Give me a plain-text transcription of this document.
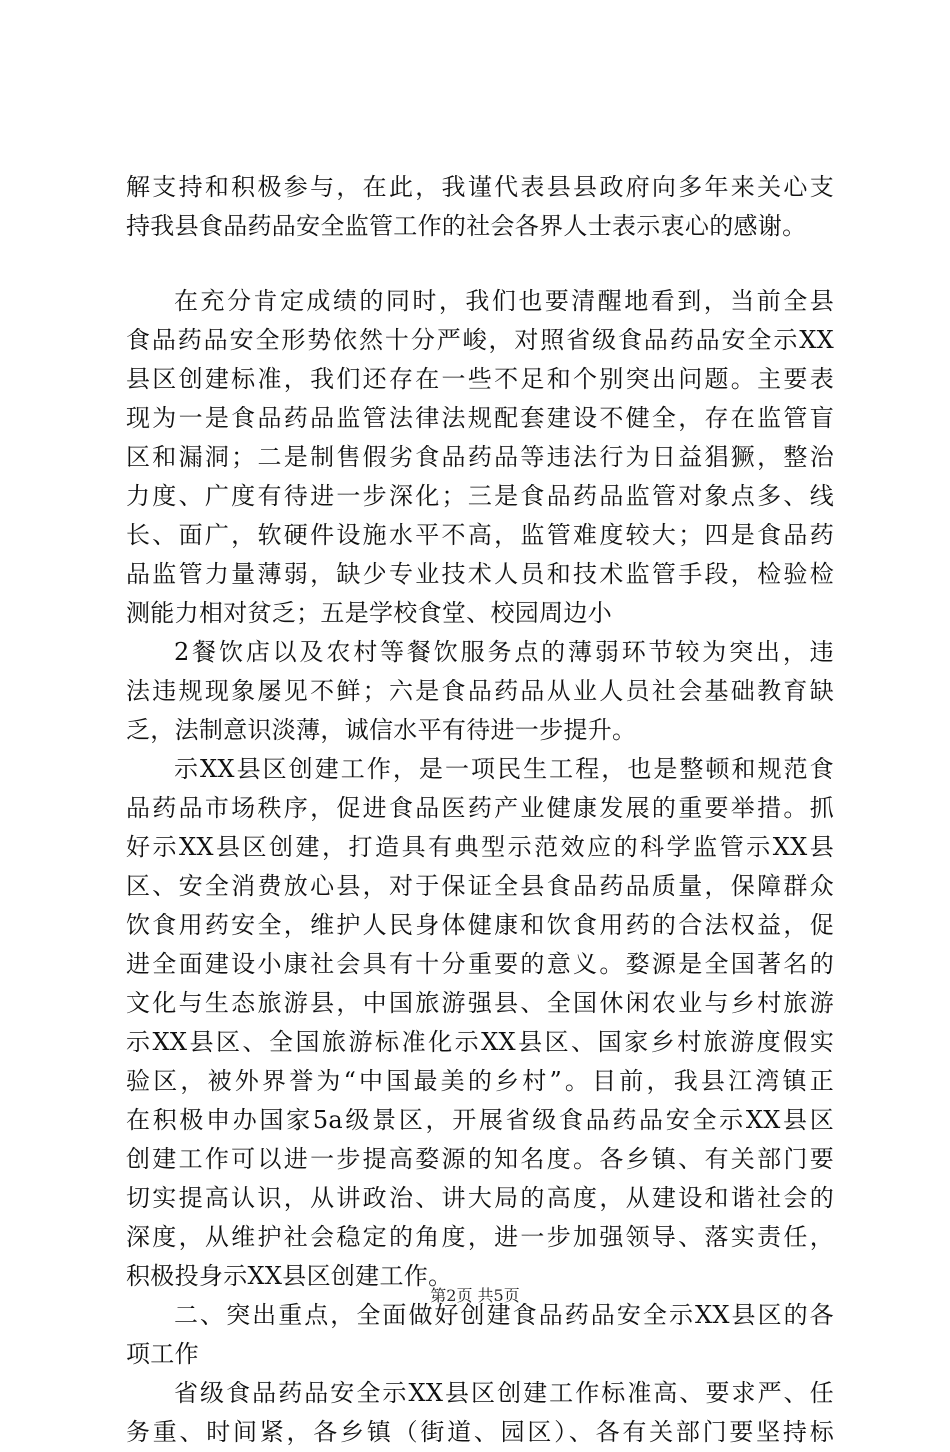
解支持和积极参与，在此，我谨代表县县政府向多年来关心支
持我县食品药品安全监管工作的社会各界人士表示衷心的感谢。
在充分肯定成绩的同时，我们也要清醒地看到，当前全县
食品药品安全形势依然十分严峻，对照省级食品药品安全示XX
县区创建标准，我们还存在一些不足和个别突出问题。主要表
现为一是食品药品监管法律法规配套建设不健全，存在监管盲
区和漏洞；二是制售假劣食品药品等违法行为日益猖獗，整治
力度、广度有待进一步深化；三是食品药品监管对象点多、线
长、面广，软硬件设施水平不高，监管难度较大；四是食品药
品监管力量薄弱，缺少专业技术人员和技术监管手段，检验检
测能力相对贫乏；五是学校食堂、校园周边小
2餐饮店以及农村等餐饮服务点的薄弱环节较为突出，违
法违规现象屡见不鲜；六是食品药品从业人员社会基础教育缺
乏，法制意识淡薄，诚信水平有待进一步提升。
示XX县区创建工作，是一项民生工程，也是整顿和规范食
品药品市场秩序，促进食品医药产业健康发展的重要举措。抓
好示XX县区创建，打造具有典型示范效应的科学监管示XX县
区、安全消费放心县，对于保证全县食品药品质量，保障群众
饮食用药安全，维护人民身体健康和饮食用药的合法权益，促
进全面建设小康社会具有十分重要的意义。婺源是全国著名的
文化与生态旅游县，中国旅游强县、全国休闲农业与乡村旅游
示XX县区、全国旅游标准化示XX县区、国家乡村旅游度假实
验区，被外界誉为“中国最美的乡村”。目前，我县江湾镇正
在积极申办国家5a级景区，开展省级食品药品安全示XX县区
创建工作可以进一步提高婺源的知名度。各乡镇、有关部门要
切实提高认识，从讲政治、讲大局的高度，从建设和谐社会的
深度，从维护社会稳定的角度，进一步加强领导、落实责任，
积极投身示XX县区创建工作。
二、突出重点，全面做好创建食品药品安全示XX县区的各
项工作
省级食品药品安全示XX县区创建工作标准高、要求严、任
务重、时间紧，各乡镇（街道、园区）、各有关部门要坚持标
第2页 共5页
